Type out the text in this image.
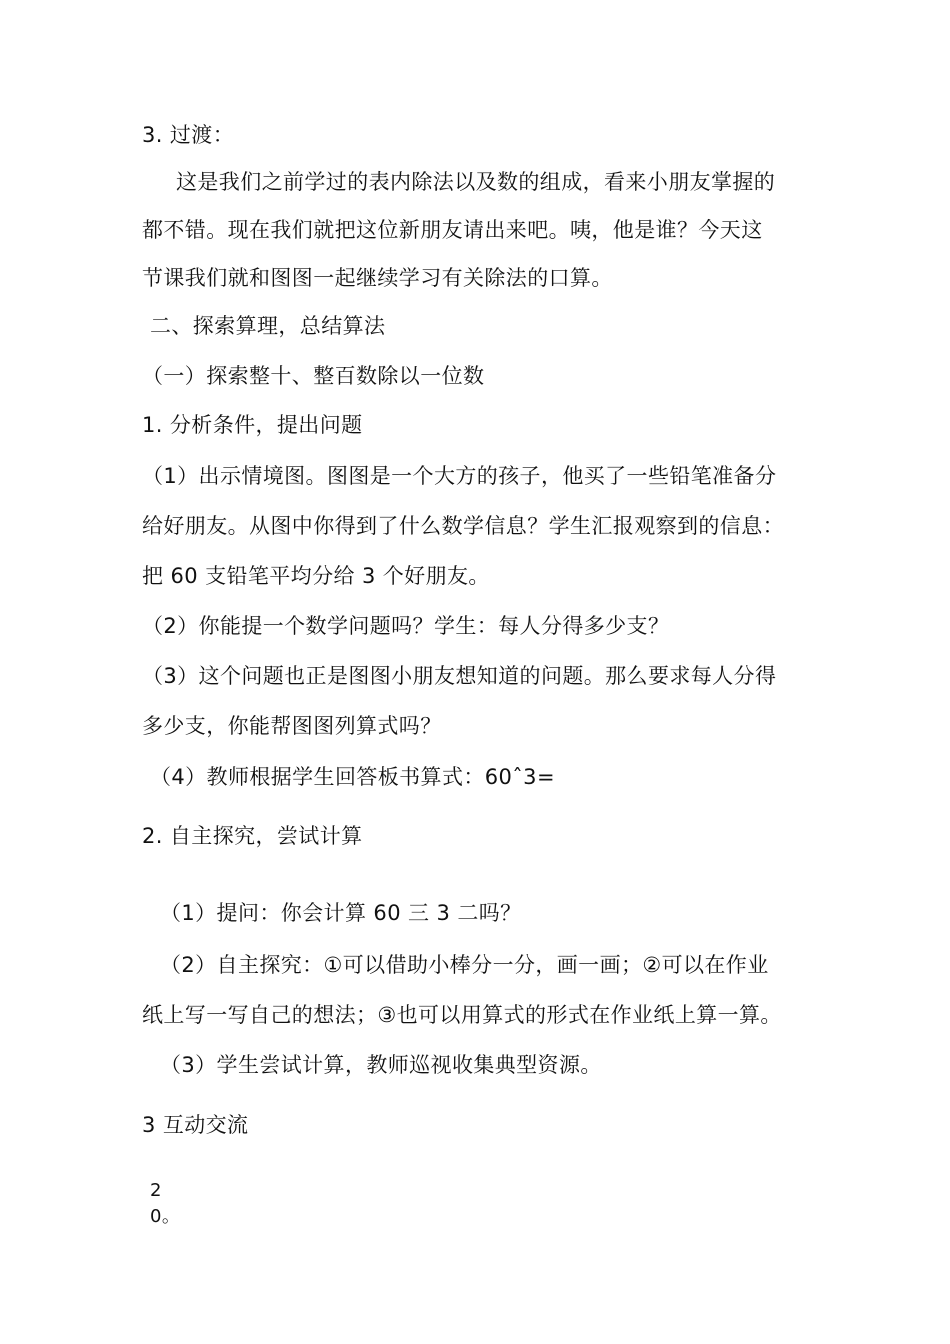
3. 过渡：
这是我们之前学过的表内除法以及数的组成，看来小朋友掌握的
都不错。现在我们就把这位新朋友请出来吧。咦，他是谁？今天这
节课我们就和图图一起继续学习有关除法的口算。
二、探索算理，总结算法
（一）探索整十、整百数除以一位数
1. 分析条件，提出问题
（1）出示情境图。图图是一个大方的孩子，他买了一些铅笔准备分
给好朋友。从图中你得到了什么数学信息？学生汇报观察到的信息：
把 60 支铅笔平均分给 3 个好朋友。
（2）你能提一个数学问题吗？学生：每人分得多少支？
（3）这个问题也正是图图小朋友想知道的问题。那么要求每人分得
多少支，你能帮图图列算式吗？
（4）教师根据学生回答板书算式：60ˆ3=
2. 自主探究，尝试计算
（1）提问：你会计算 60 三 3 二吗？
（2）自主探究：①可以借助小棒分一分，画一画；②可以在作业
纸上写一写自己的想法；③也可以用算式的形式在作业纸上算一算。
（3）学生尝试计算，教师巡视收集典型资源。
3 互动交流
2
0。
